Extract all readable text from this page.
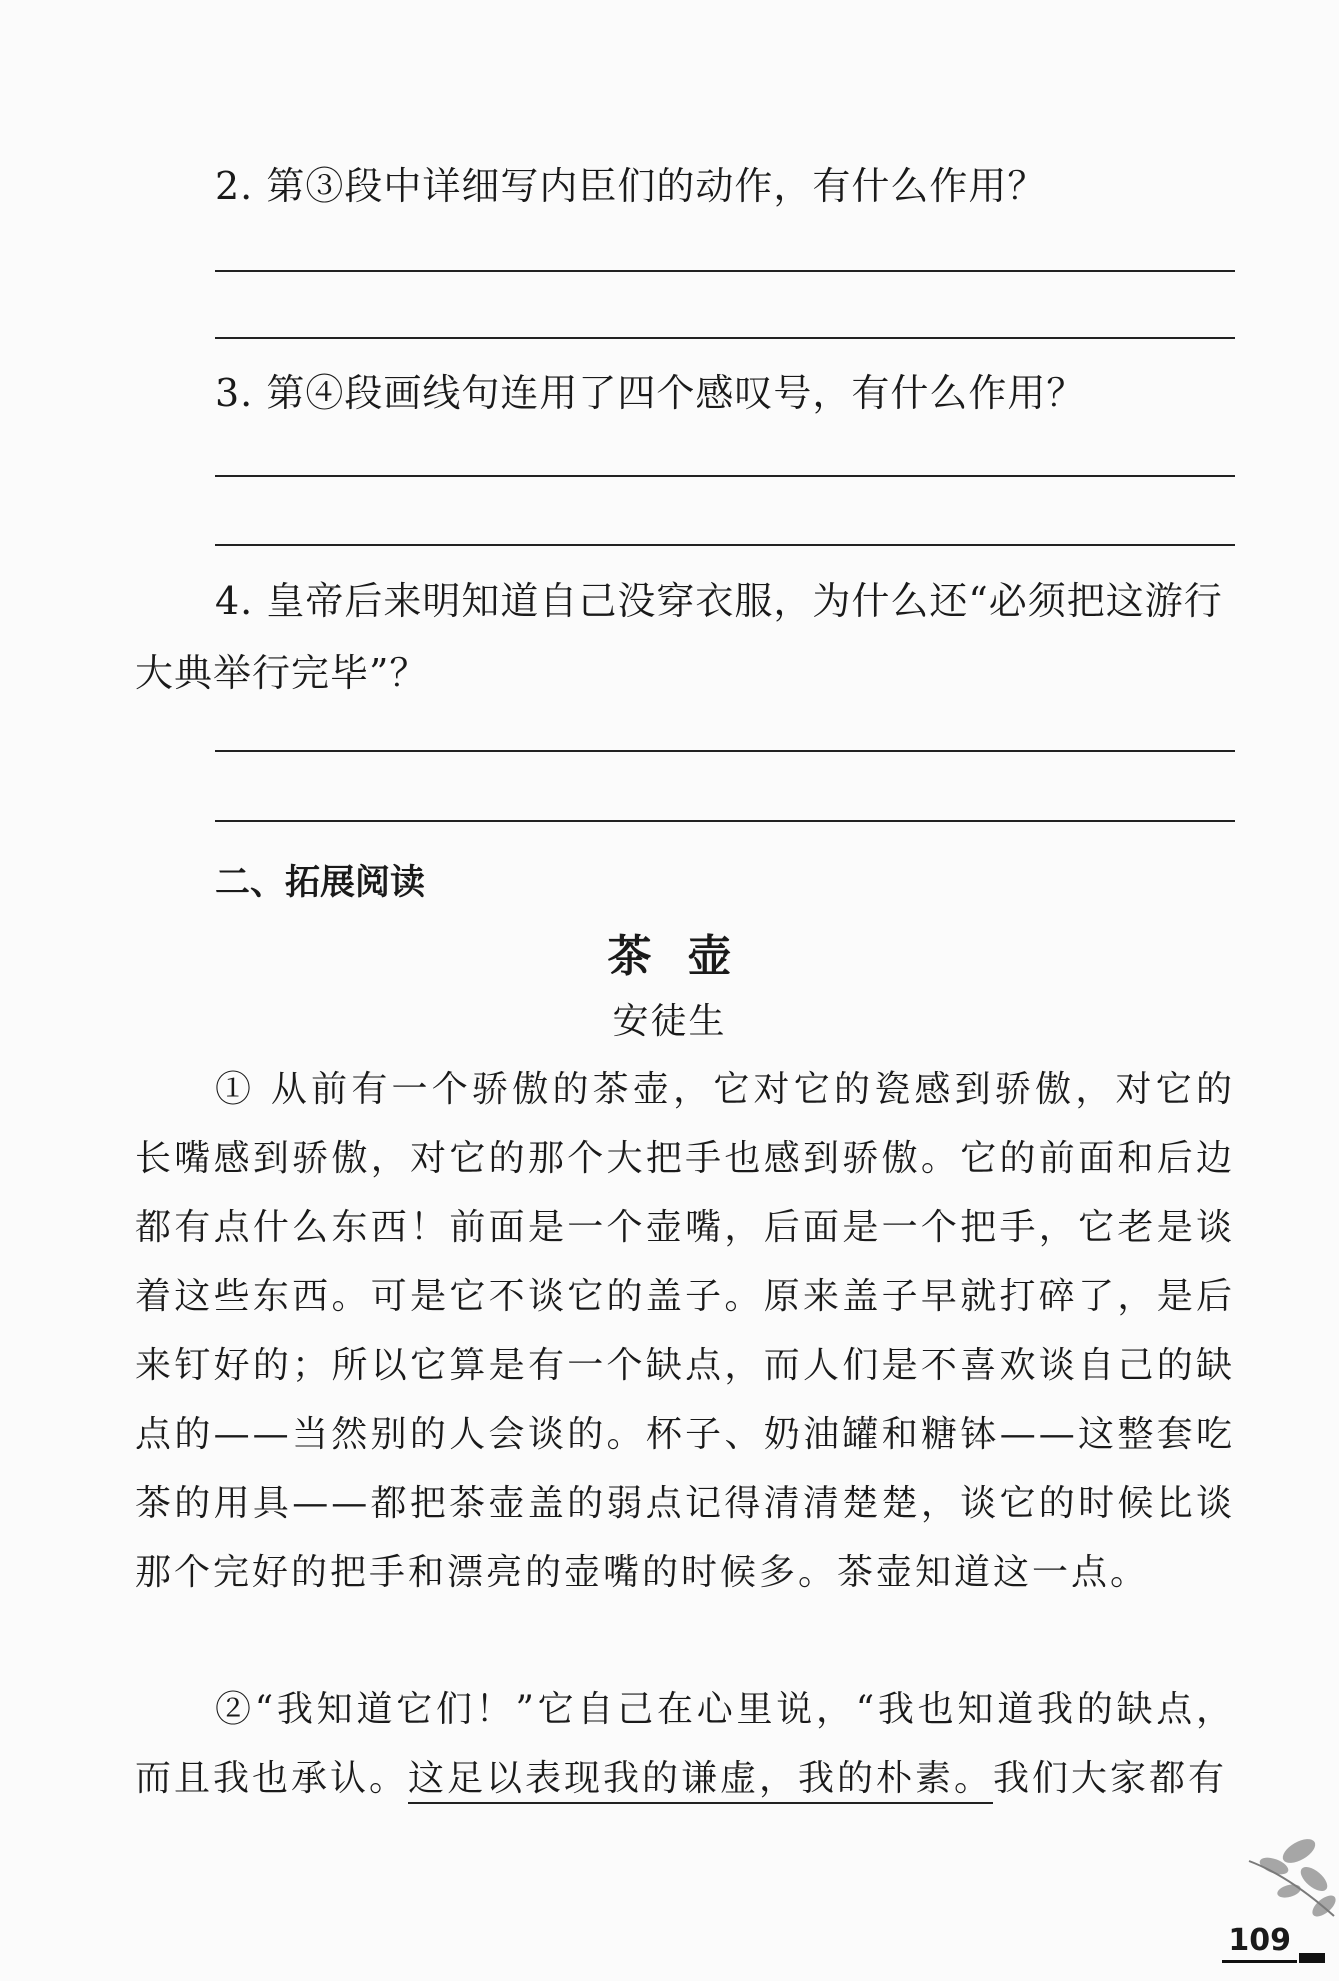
2. 第③段中详细写内臣们的动作，有什么作用？
3. 第④段画线句连用了四个感叹号，有什么作用？
4. 皇帝后来明知道自己没穿衣服，为什么还“必须把这游行大典举行完毕”？
二、拓展阅读
茶壶
安徒生
① 从前有一个骄傲的茶壶，它对它的瓷感到骄傲，对它的长嘴感到骄傲，对它的那个大把手也感到骄傲。它的前面和后边都有点什么东西！前面是一个壶嘴，后面是一个把手，它老是谈着这些东西。可是它不谈它的盖子。原来盖子早就打碎了，是后来钉好的；所以它算是有一个缺点，而人们是不喜欢谈自己的缺点的——当然别的人会谈的。杯子、奶油罐和糖钵——这整套吃茶的用具——都把茶壶盖的弱点记得清清楚楚，谈它的时候比谈那个完好的把手和漂亮的壶嘴的时候多。茶壶知道这一点。
②“我知道它们！”它自己在心里说，“我也知道我的缺点，而且我也承认。这足以表现我的谦虚，我的朴素。我们大家都有
109
